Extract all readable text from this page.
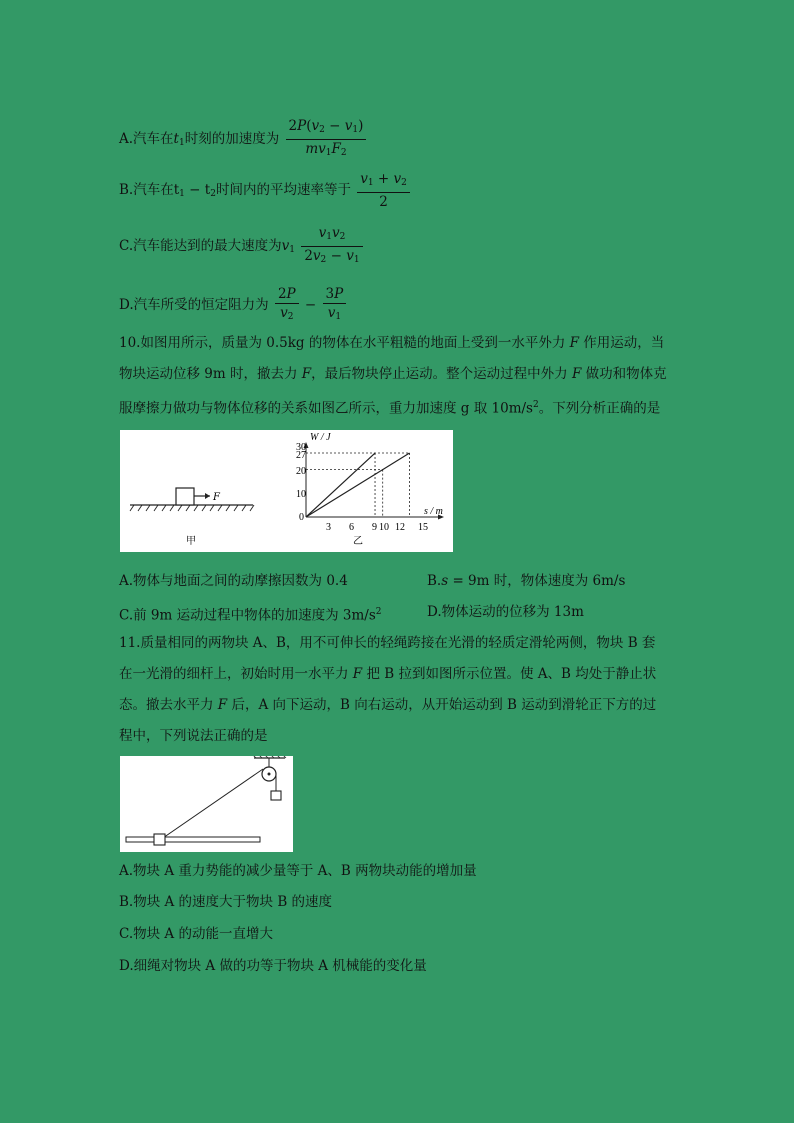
A.汽车在$t_1$时刻的加速度为 $\frac{2P(v_2 - v_1)}{mv_1F_2}$
B.汽车在$t_1 - t_2$时间内的平均速率等于 $\frac{v_1 + v_2}{2}$
C.汽车能达到的最大速度为$v_1 \frac{v_1v_2}{2v_2 - v_1}$
D.汽车所受的恒定阻力为 $\frac{2P}{v_2} - \frac{3P}{v_1}$
10.如图用所示，质量为 0.5kg 的物体在水平粗糙的地面上受到一水平外力 F 作用运动，当
物块运动位移 9m 时，撤去力 F，最后物块停止运动。整个运动过程中外力 F 做功和物体克
服摩擦力做功与物体位移的关系如图乙所示，重力加速度 g 取 $10m/s^2$。下列分析正确的是
F
甲
W / J
s / m
30
27
20
10
0
3 6 9 10 12 15
乙
A.物体与地面之间的动摩擦因数为 0.4	B.s = 9m 时，物体速度为 6m/s
C.前 9m 运动过程中物体的加速度为 $3m/s^2$	D.物体运动的位移为 13m
11.质量相同的两物块 A、B，用不可伸长的轻绳跨接在光滑的轻质定滑轮两侧，物块 B 套
在一光滑的细杆上，初始时用一水平力 F 把 B 拉到如图所示位置。使 A、B 均处于静止状
态。撤去水平力 F 后，A 向下运动，B 向右运动，从开始运动到 B 运动到滑轮正下方的过
程中，下列说法正确的是
A.物块 A 重力势能的减少量等于 A、B 两物块动能的增加量
B.物块 A 的速度大于物块 B 的速度
C.物块 A 的动能一直增大
D.细绳对物块 A 做的功等于物块 A 机械能的变化量
